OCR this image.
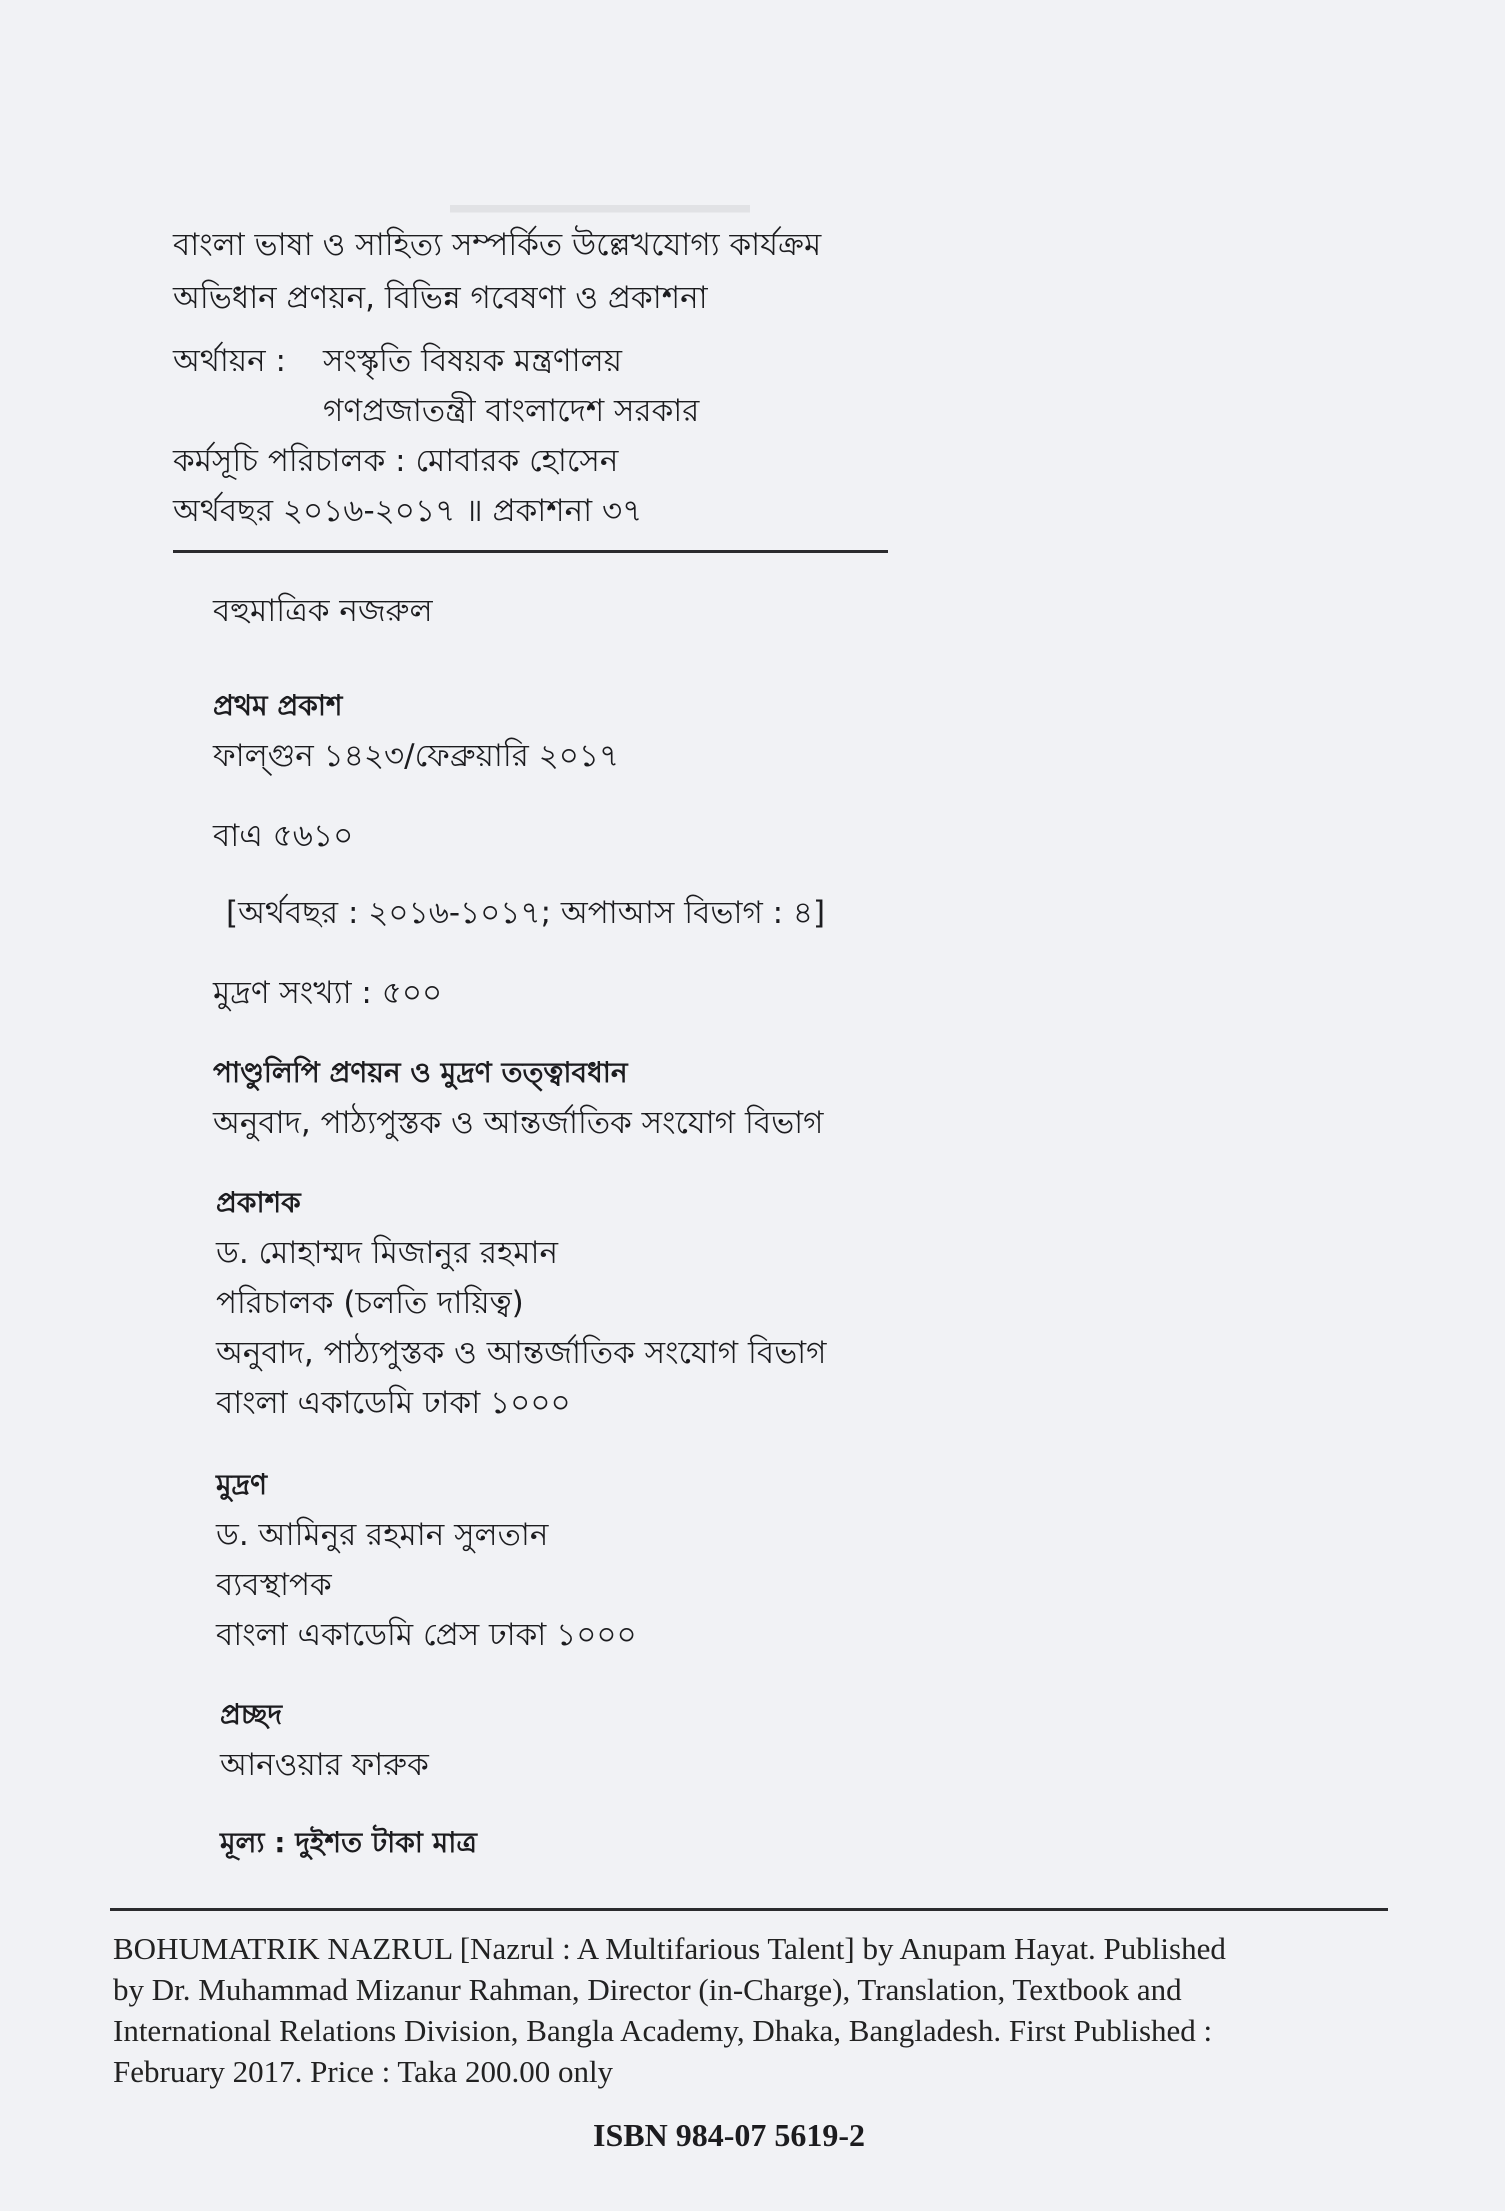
―――――
বাংলা ভাষা ও সাহিত্য সম্পর্কিত উল্লেখযোগ্য কার্যক্রম
অভিধান প্রণয়ন, বিভিন্ন গবেষণা ও প্রকাশনা
অর্থায়ন : সংস্কৃতি বিষয়ক মন্ত্রণালয়
গণপ্রজাতন্ত্রী বাংলাদেশ সরকার
কর্মসূচি পরিচালক : মোবারক হোসেন
অর্থবছর ২০১৬-২০১৭ ॥ প্রকাশনা ৩৭
বহুমাত্রিক নজরুল
প্রথম প্রকাশ
ফাল্গুন ১৪২৩/ফেব্রুয়ারি ২০১৭
বাএ ৫৬১০
[অর্থবছর : ২০১৬-১০১৭; অপাআস বিভাগ : ৪]
মুদ্রণ সংখ্যা : ৫০০
পাণ্ডুলিপি প্রণয়ন ও মুদ্রণ তত্ত্বাবধান
অনুবাদ, পাঠ্যপুস্তক ও আন্তর্জাতিক সংযোগ বিভাগ
প্রকাশক
ড. মোহাম্মদ মিজানুর রহমান
পরিচালক (চলতি দায়িত্ব)
অনুবাদ, পাঠ্যপুস্তক ও আন্তর্জাতিক সংযোগ বিভাগ
বাংলা একাডেমি ঢাকা ১০০০
মুদ্রণ
ড. আমিনুর রহমান সুলতান
ব্যবস্থাপক
বাংলা একাডেমি প্রেস ঢাকা ১০০০
প্রচ্ছদ
আনওয়ার ফারুক
মূল্য : দুইশত টাকা মাত্র
BOHUMATRIK NAZRUL [Nazrul : A Multifarious Talent] by Anupam Hayat. Published
by Dr. Muhammad Mizanur Rahman, Director (in-Charge), Translation, Textbook and
International Relations Division, Bangla Academy, Dhaka, Bangladesh. First Published :
February 2017. Price : Taka 200.00 only
ISBN 984-07 5619-2
